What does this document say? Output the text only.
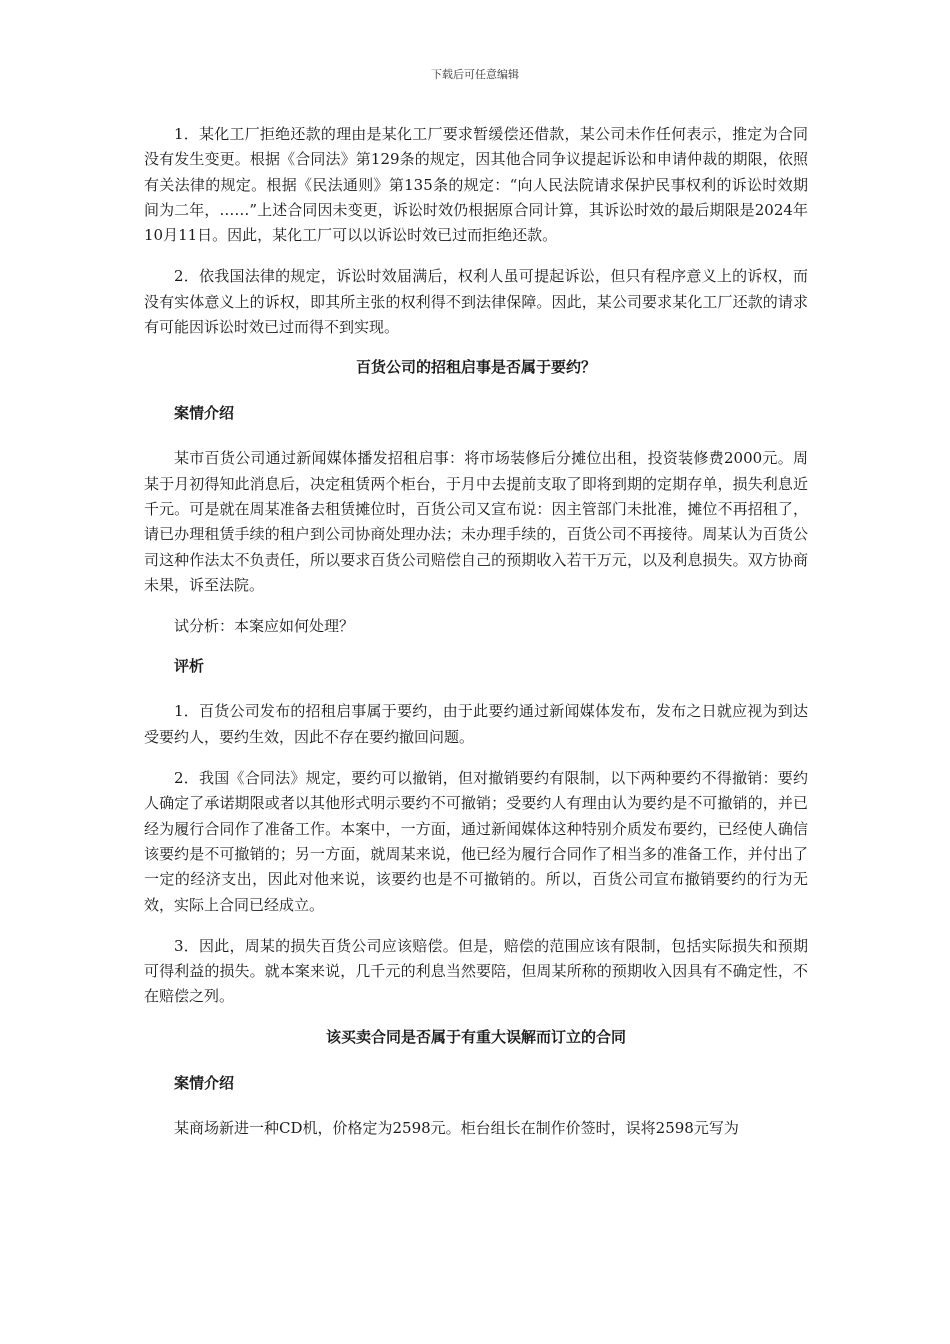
下载后可任意编辑

1．某化工厂拒绝还款的理由是某化工厂要求暂缓偿还借款，某公司未作任何表示，推定为合同没有发生变更。根据《合同法》第129条的规定，因其他合同争议提起诉讼和申请仲裁的期限，依照有关法律的规定。根据《民法通则》第135条的规定：“向人民法院请求保护民事权利的诉讼时效期间为二年，……”上述合同因未变更，诉讼时效仍根据原合同计算，其诉讼时效的最后期限是2024年10月11日。因此，某化工厂可以以诉讼时效已过而拒绝还款。

2．依我国法律的规定，诉讼时效届满后，权利人虽可提起诉讼，但只有程序意义上的诉权，而没有实体意义上的诉权，即其所主张的权利得不到法律保障。因此，某公司要求某化工厂还款的请求有可能因诉讼时效已过而得不到实现。

百货公司的招租启事是否属于要约？
案情介绍

某市百货公司通过新闻媒体播发招租启事：将市场装修后分摊位出租，投资装修费2000元。周某于月初得知此消息后，决定租赁两个柜台，于月中去提前支取了即将到期的定期存单，损失利息近千元。可是就在周某准备去租赁摊位时，百货公司又宣布说：因主管部门未批准，摊位不再招租了，请已办理租赁手续的租户到公司协商处理办法；未办理手续的，百货公司不再接待。周某认为百货公司这种作法太不负责任，所以要求百货公司赔偿自己的预期收入若干万元，以及利息损失。双方协商未果，诉至法院。

试分析：本案应如何处理？

评析

1．百货公司发布的招租启事属于要约，由于此要约通过新闻媒体发布，发布之日就应视为到达受要约人，要约生效，因此不存在要约撤回问题。

2．我国《合同法》规定，要约可以撤销，但对撤销要约有限制，以下两种要约不得撤销：要约人确定了承诺期限或者以其他形式明示要约不可撤销；受要约人有理由认为要约是不可撤销的，并已经为履行合同作了准备工作。本案中，一方面，通过新闻媒体这种特别介质发布要约，已经使人确信该要约是不可撤销的；另一方面，就周某来说，他已经为履行合同作了相当多的准备工作，并付出了一定的经济支出，因此对他来说，该要约也是不可撤销的。所以，百货公司宣布撤销要约的行为无效，实际上合同已经成立。

3．因此，周某的损失百货公司应该赔偿。但是，赔偿的范围应该有限制，包括实际损失和预期可得利益的损失。就本案来说，几千元的利息当然要陪，但周某所称的预期收入因具有不确定性，不在赔偿之列。

该买卖合同是否属于有重大误解而订立的合同
案情介绍

某商场新进一种CD机，价格定为2598元。柜台组长在制作价签时，误将2598元写为
